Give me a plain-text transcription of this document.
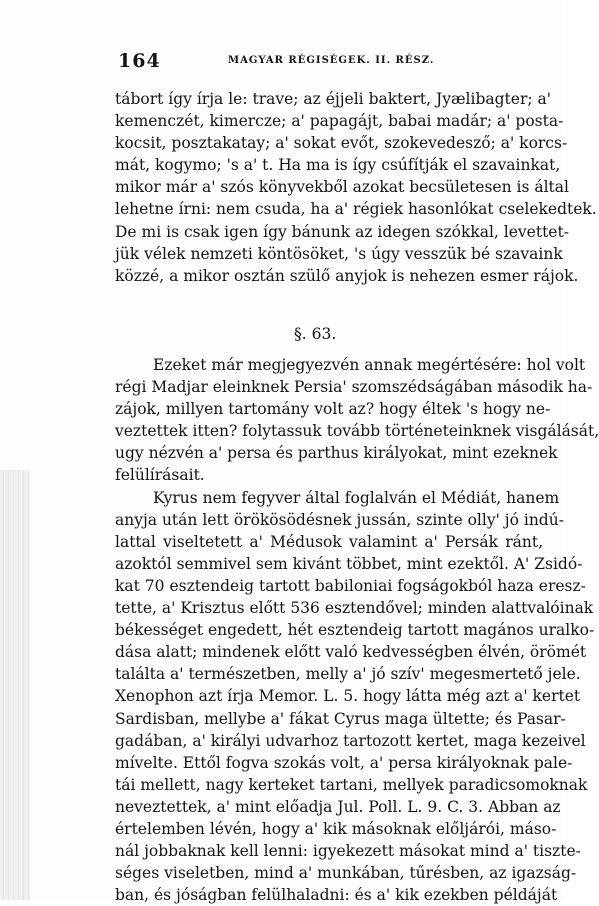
164	MAGYAR RÉGISÉGEK. II. RÉSZ.
tábort így írja le: trave; az éjjeli baktert, Jyælibagter; a'
kemenczét, kimercze; a' papagájt, babai madár; a' posta-
kocsit, posztakatay; a' sokat evőt, szokevedesző; a' korcs-
mát, kogymo; 's a' t. Ha ma is így csúfítják el szavainkat,
mikor már a' szós könyvekből azokat becsületesen is által
lehetne írni: nem csuda, ha a' régiek hasonlókat cselekedtek.
De mi is csak igen így bánunk az idegen szókkal, levettet-
jük vélek nemzeti köntösöket, 's úgy vesszük bé szavaink
közzé, a mikor osztán szülő anyjok is nehezen esmer rájok.
§. 63.
Ezeket már megjegyezvén annak megértésére: hol volt
régi Madjar eleinknek Persia' szomszédságában második ha-
zájok, millyen tartomány volt az? hogy éltek 's hogy ne-
veztettek itten? folytassuk tovább történeteinknek visgálását,
ugy nézvén a' persa és parthus királyokat, mint ezeknek
felülírásait.
Kyrus nem fegyver által foglalván el Médiát, hanem
anyja után lett örökösödésnek jussán, szinte olly' jó indú-
lattal viseltetett a' Médusok valamint a' Persák ránt,
azoktól semmivel sem kivánt többet, mint ezektől. A' Zsidó-
kat 70 esztendeig tartott babiloniai fogságokból haza eresz-
tette, a' Krisztus előtt 536 esztendővel; minden alattvalóinak
békességet engedett, hét esztendeig tartott magános uralko-
dása alatt; mindenek előtt való kedvességben élvén, örömét
találta a' természetben, melly a' jó szív' megesmertető jele.
Xenophon azt írja Memor. L. 5. hogy látta még azt a' kertet
Sardisban, mellybe a' fákat Cyrus maga ültette; és Pasar-
gadában, a' királyi udvarhoz tartozott kertet, maga kezeivel
mívelte. Ettől fogva szokás volt, a' persa királyoknak pale-
tái mellett, nagy kerteket tartani, mellyek paradicsomoknak
neveztettek, a' mint előadja Jul. Poll. L. 9. C. 3. Abban az
értelemben lévén, hogy a' kik másoknak előljárói, máso-
nál jobbaknak kell lenni: igyekezett másokat mind a' tiszte-
séges viseletben, mind a' munkában, tűrésben, az igazság-
ban, és jóságban felülhaladni: és a' kik ezekben példáját
